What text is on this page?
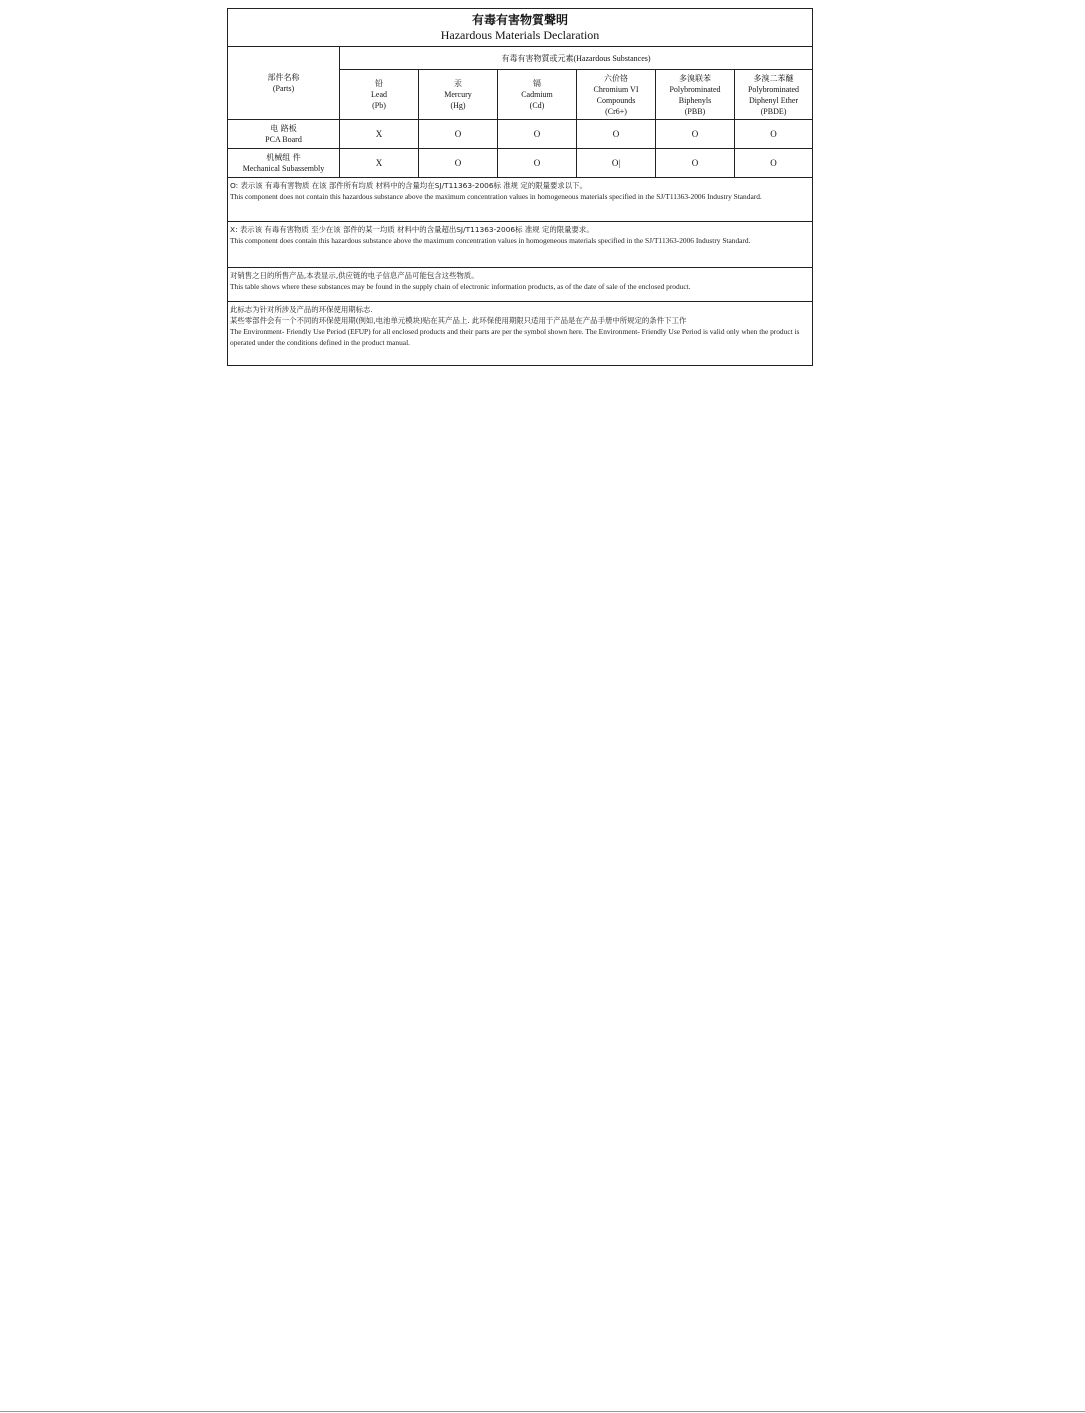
有毒有害物質聲明
Hazardous Materials Declaration						

部件名称
(Parts)	有毒有害物質或元素(Hazardous Substances)					

	铅
Lead
(Pb)	汞
Mercury
(Hg)	镉
Cadmium
(Cd)	六价铬
Chromium VI
Compounds
(Cr6+)	多溴联苯
Polybrominated
Biphenyls
(PBB)	多溴二苯醚
Polybrominated
Diphenyl Ether
(PBDE)

电 路板
PCA Board	X	O	O	O	O	O

机械组 件
Mechanical Subassembly	X	O	O	O|	O	O

O: 表示该 有毒有害物质 在该 部件所有均质 材料中的含量均在SJ/T11363-2006标 准规 定的限量要求以下。
This component does not contain this hazardous substance above the maximum concentration values in homogeneous materials specified in the SJ/T11363-2006 Industry Standard.						

X: 表示该 有毒有害物质 至少在该 部件的某一均质 材料中的含量超出SJ/T11363-2006标 准规 定的限量要求。
This component does contain this hazardous substance above the maximum concentration values in homogeneous materials specified in the SJ/T11363-2006 Industry Standard.						

对销售之日的所售产品,本表显示,供应链的电子信息产品可能包含这些物质。
This table shows where these substances may be found in the supply chain of electronic information products, as of the date of sale of the enclosed product.						

此标志为针对所涉及产品的环保使用期标志.
某些零部件会有一个不同的环保使用期(例如,电池单元模块)贴在其产品上. 此环保使用期限只适用于产品是在产品手册中所规定的条件下工作
The Environment- Friendly Use Period (EFUP) for all enclosed products and their parts are per the symbol shown here. The Environment- Friendly Use Period is valid only when the product is operated under the conditions defined in the product manual.						
